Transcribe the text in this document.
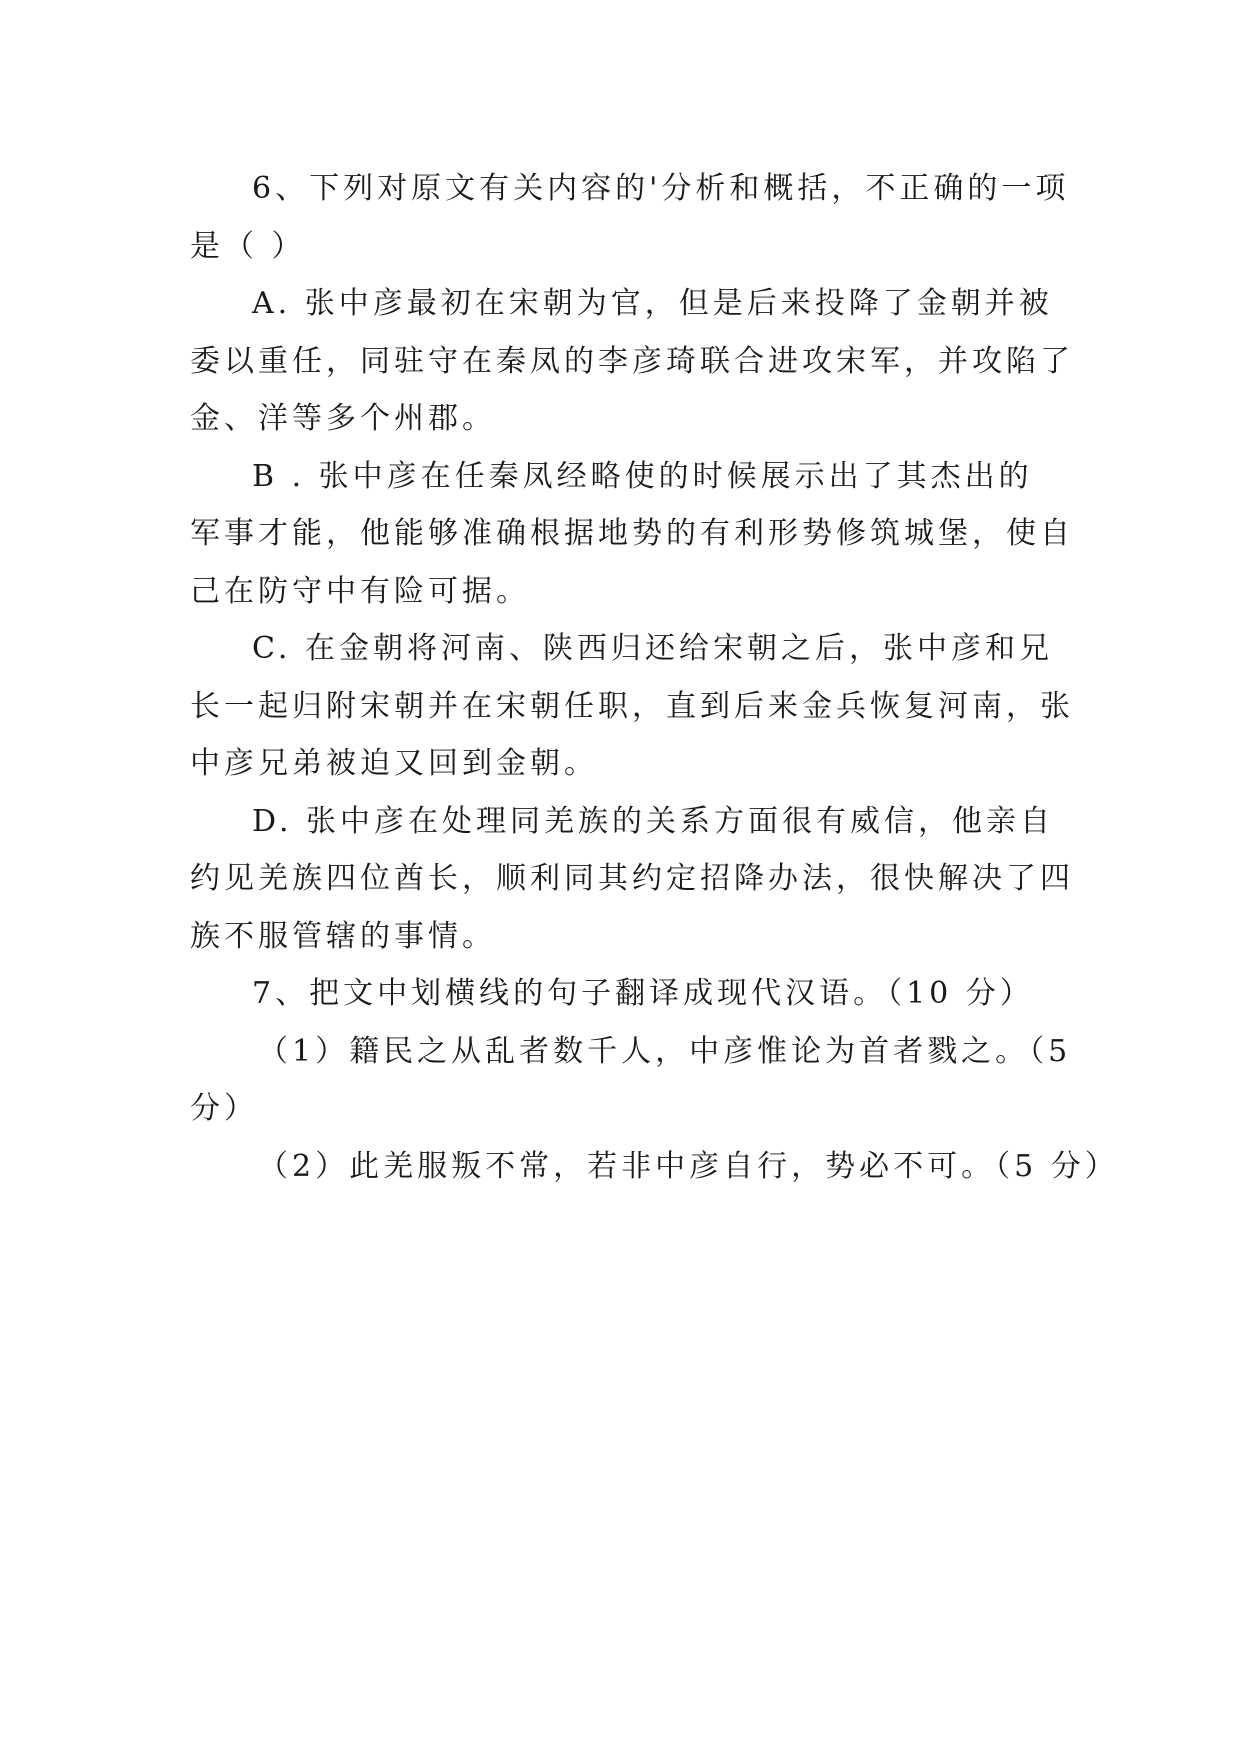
6、下列对原文有关内容的'分析和概括，不正确的一项
是（ ）
A. 张中彦最初在宋朝为官，但是后来投降了金朝并被
委以重任，同驻守在秦凤的李彦琦联合进攻宋军，并攻陷了
金、洋等多个州郡。
B . 张中彦在任秦凤经略使的时候展示出了其杰出的
军事才能，他能够准确根据地势的有利形势修筑城堡，使自
己在防守中有险可据。
C. 在金朝将河南、陕西归还给宋朝之后，张中彦和兄
长一起归附宋朝并在宋朝任职，直到后来金兵恢复河南，张
中彦兄弟被迫又回到金朝。
D. 张中彦在处理同羌族的关系方面很有威信，他亲自
约见羌族四位酋长，顺利同其约定招降办法，很快解决了四
族不服管辖的事情。
7、把文中划横线的句子翻译成现代汉语。（10 分）
（1）籍民之从乱者数千人，中彦惟论为首者戮之。（5
分）
（2）此羌服叛不常，若非中彦自行，势必不可。（5 分）
